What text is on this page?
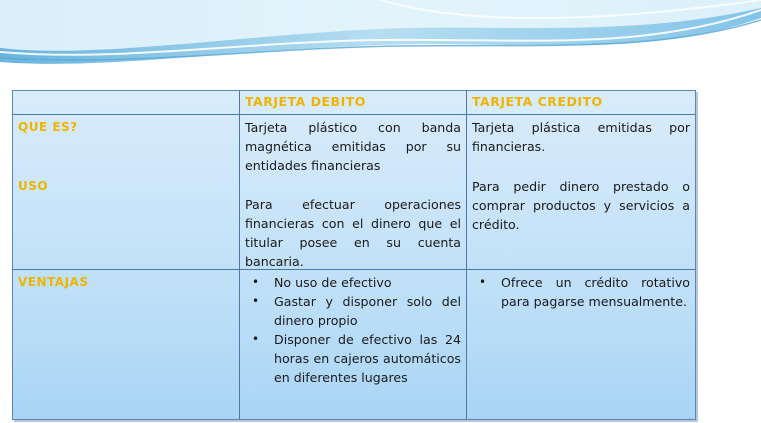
TARJETA DEBITO	TARJETA CREDITO
QUE ES?
USO
Tarjeta plástico con banda magnética emitidas por su entidades financieras
Para efectuar operaciones financieras con el dinero que el titular posee en su cuenta bancaria.
Tarjeta plástica emitidas por financieras.
Para pedir dinero prestado o comprar productos y servicios a crédito.
VENTAJAS	• No uso de efectivo
• Gastar y disponer solo del dinero propio
• Disponer de efectivo las 24 horas en cajeros automáticos en diferentes lugares
• Ofrece un crédito rotativo para pagarse mensualmente.
